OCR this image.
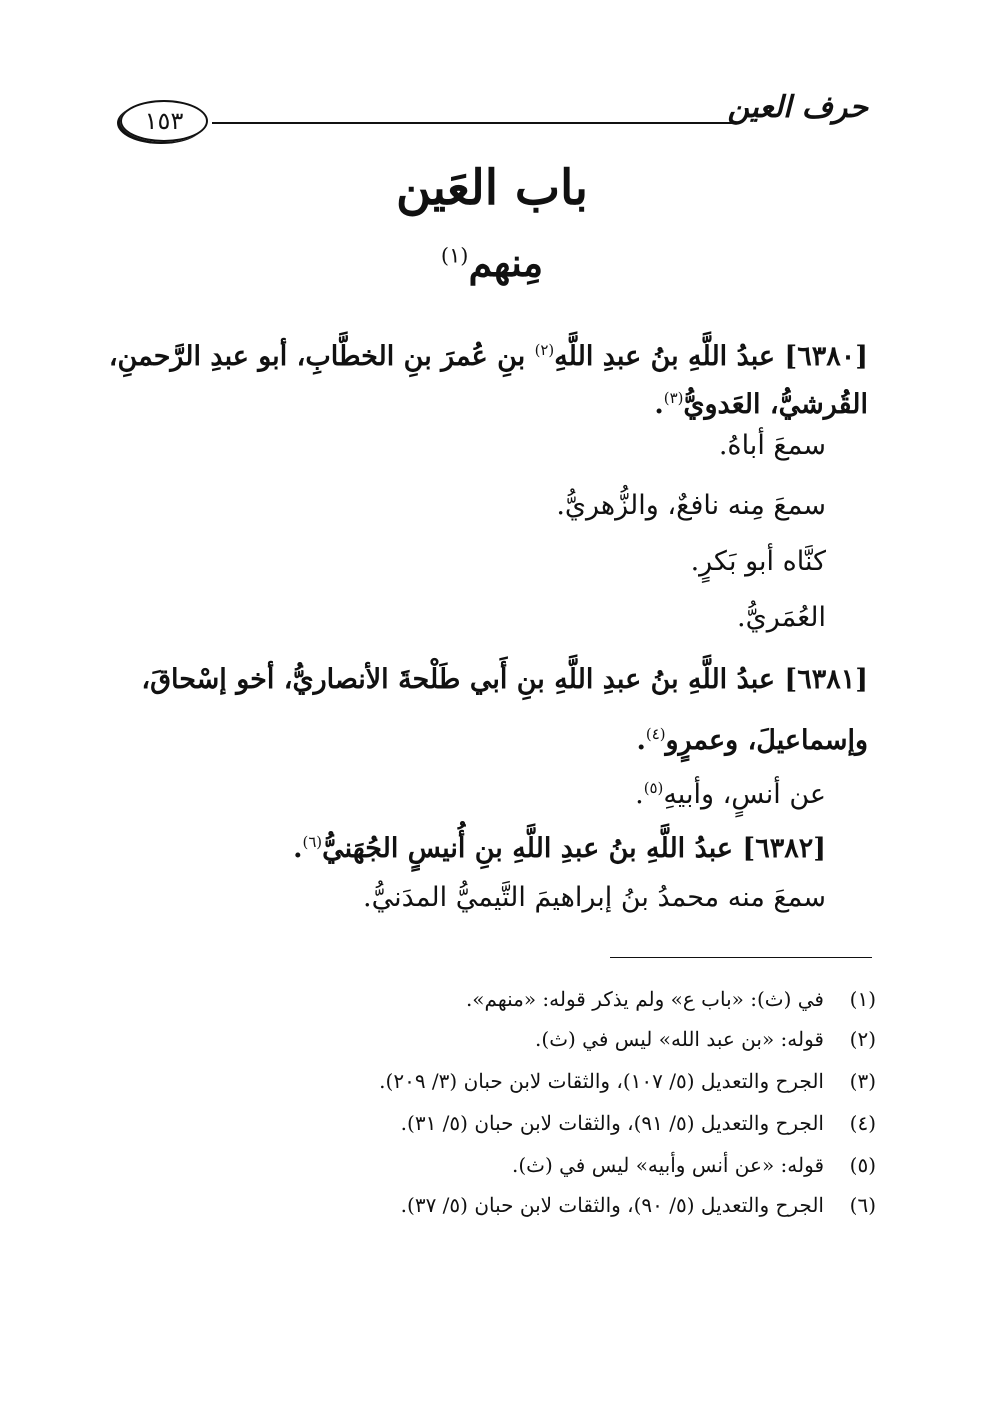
حرف العين
١٥٣
باب العَين
مِنهم$^{(١)}$
[٦٣٨٠] عبدُ اللَّهِ بنُ عبدِ اللَّهِ$^{(٢)}$ بنِ عُمرَ بنِ الخطَّابِ، أبو عبدِ الرَّحمنِ،
القُرشيُّ، العَدويُّ$^{(٣)}$.
سمعَ أباهُ.
سمعَ مِنه نافعٌ، والزُّهريُّ.
كنَّاه أبو بَكرٍ.
العُمَريُّ.
[٦٣٨١] عبدُ اللَّهِ بنُ عبدِ اللَّهِ بنِ أَبي طَلْحةَ الأنصاريُّ، أخو إسْحاقَ،
وإسماعيلَ، وعمرٍو$^{(٤)}$.
عن أنسٍ، وأبيهِ$^{(٥)}$.
[٦٣٨٢] عبدُ اللَّهِ بنُ عبدِ اللَّهِ بنِ أُنيسٍ الجُهَنيُّ$^{(٦)}$.
سمعَ منه محمدُ بنُ إبراهيمَ التَّيميُّ المدَنيُّ.
(١)في (ث): «باب ع» ولم يذكر قوله: «منهم».
(٢)قوله: «بن عبد الله» ليس في (ث).
(٣)الجرح والتعديل (٥/ ١٠٧)، والثقات لابن حبان (٣/ ٢٠٩).
(٤)الجرح والتعديل (٥/ ٩١)، والثقات لابن حبان (٥/ ٣١).
(٥)قوله: «عن أنس وأبيه» ليس في (ث).
(٦)الجرح والتعديل (٥/ ٩٠)، والثقات لابن حبان (٥/ ٣٧).
